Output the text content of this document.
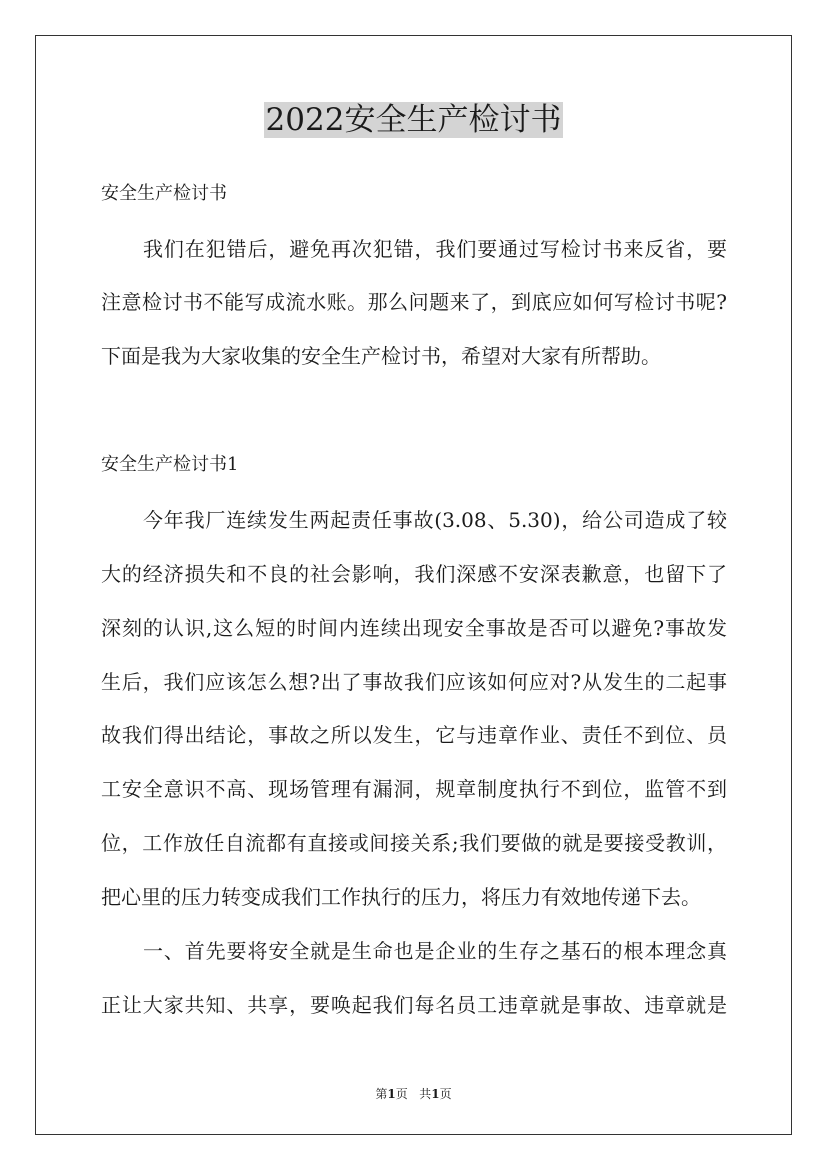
2022安全生产检讨书
安全生产检讨书
我们在犯错后，避免再次犯错，我们要通过写检讨书来反省，要
注意检讨书不能写成流水账。那么问题来了，到底应如何写检讨书呢?
下面是我为大家收集的安全生产检讨书，希望对大家有所帮助。
安全生产检讨书1
今年我厂连续发生两起责任事故(3.08、5.30)，给公司造成了较
大的经济损失和不良的社会影响，我们深感不安深表歉意，也留下了
深刻的认识,这么短的时间内连续出现安全事故是否可以避免?事故发
生后，我们应该怎么想?出了事故我们应该如何应对?从发生的二起事
故我们得出结论，事故之所以发生，它与违章作业、责任不到位、员
工安全意识不高、现场管理有漏洞，规章制度执行不到位，监管不到
位，工作放任自流都有直接或间接关系;我们要做的就是要接受教训，
把心里的压力转变成我们工作执行的压力，将压力有效地传递下去。
一、首先要将安全就是生命也是企业的生存之基石的根本理念真
正让大家共知、共享，要唤起我们每名员工违章就是事故、违章就是
第1页 共1页
